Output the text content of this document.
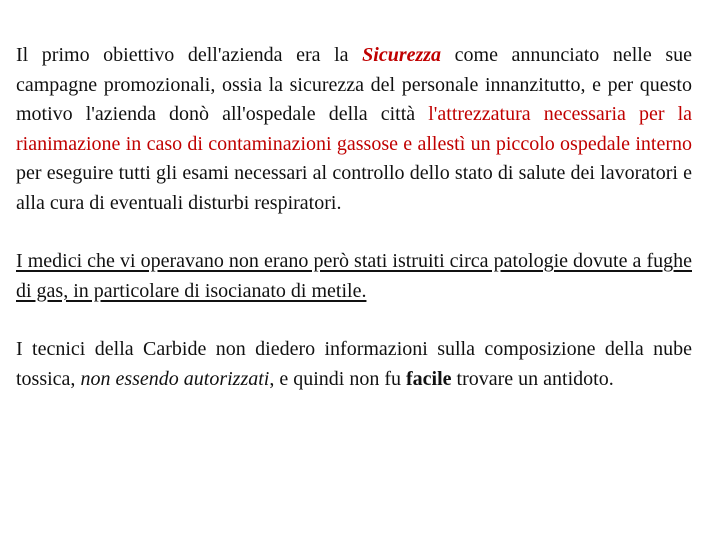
Il primo obiettivo dell'azienda era la Sicurezza come annunciato nelle sue campagne promozionali, ossia la sicurezza del personale innanzitutto, e per questo motivo l'azienda donò all'ospedale della città l'attrezzatura necessaria per la rianimazione in caso di contaminazioni gassose e allestì un piccolo ospedale interno per eseguire tutti gli esami necessari al controllo dello stato di salute dei lavoratori e alla cura di eventuali disturbi respiratori.

I medici che vi operavano non erano però stati istruiti circa patologie dovute a fughe di gas, in particolare di isocianato di metile.

I tecnici della Carbide non diedero informazioni sulla composizione della nube tossica, non essendo autorizzati, e quindi non fu facile trovare un antidoto.
